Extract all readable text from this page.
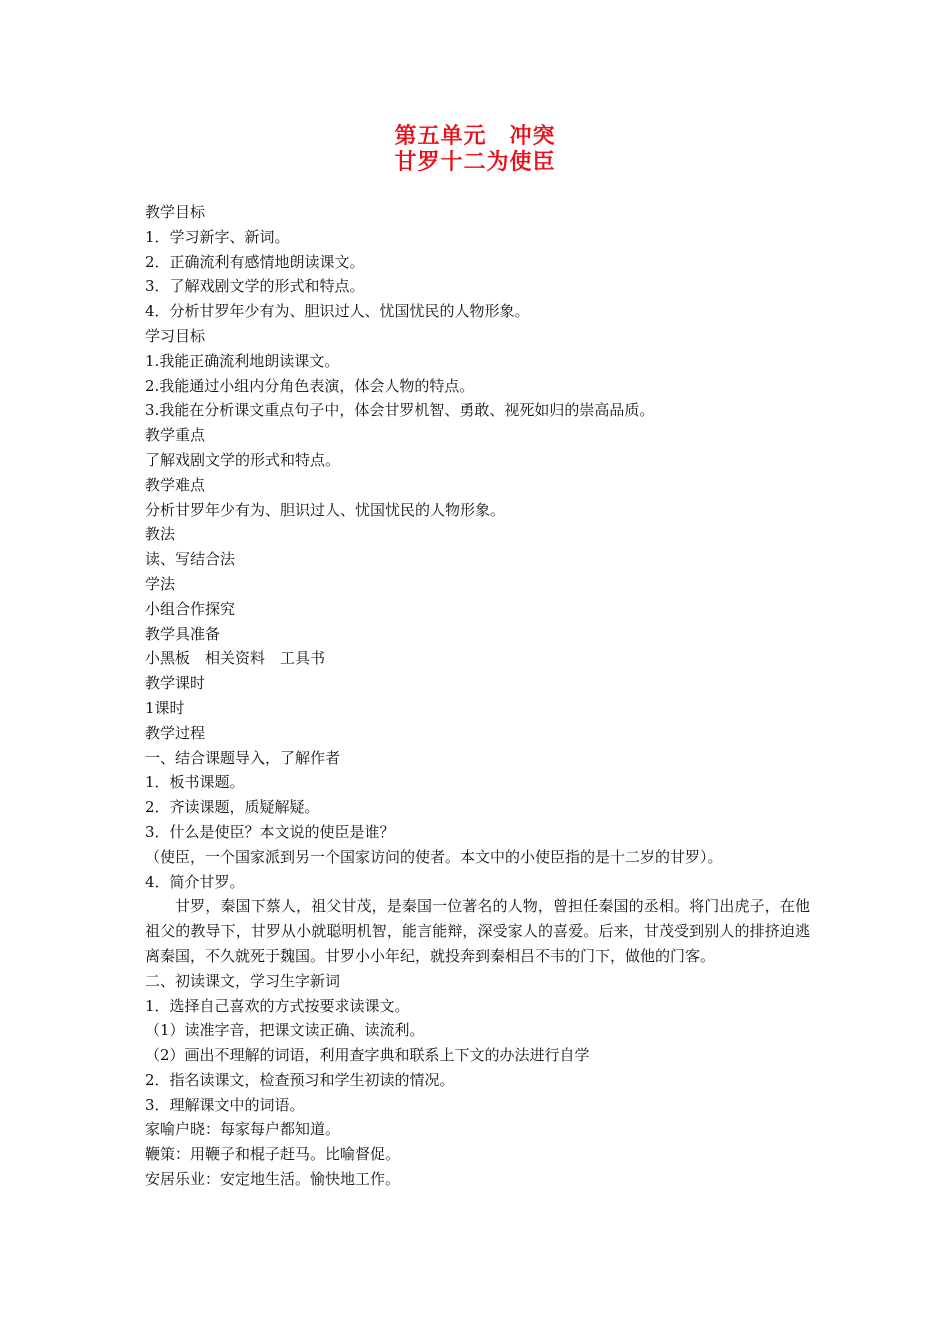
第五单元　冲突
甘罗十二为使臣

教学目标

1．学习新字、新词。

2．正确流利有感情地朗读课文。

3．了解戏剧文学的形式和特点。

4．分析甘罗年少有为、胆识过人、忧国忧民的人物形象。

学习目标

1.我能正确流利地朗读课文。

2.我能通过小组内分角色表演，体会人物的特点。

3.我能在分析课文重点句子中，体会甘罗机智、勇敢、视死如归的崇高品质。

教学重点

了解戏剧文学的形式和特点。

教学难点

分析甘罗年少有为、胆识过人、忧国忧民的人物形象。

教法

读、写结合法

学法

小组合作探究

教学具准备

小黑板　相关资料　工具书

教学课时

1课时

教学过程

一、结合课题导入，了解作者

1．板书课题。

2．齐读课题，质疑解疑。

3．什么是使臣？本文说的使臣是谁？

（使臣，一个国家派到另一个国家访问的使者。本文中的小使臣指的是十二岁的甘罗）。

4．简介甘罗。

甘罗，秦国下蔡人，祖父甘茂，是秦国一位著名的人物，曾担任秦国的丞相。将门出虎子，在他祖父的教导下，甘罗从小就聪明机智，能言能辩，深受家人的喜爱。后来，甘茂受到别人的排挤迫逃离秦国，不久就死于魏国。甘罗小小年纪，就投奔到秦相吕不韦的门下，做他的门客。

二、初读课文，学习生字新词

1．选择自己喜欢的方式按要求读课文。

（1）读准字音，把课文读正确、读流利。

（2）画出不理解的词语，利用查字典和联系上下文的办法进行自学

2．指名读课文，检查预习和学生初读的情况。

3．理解课文中的词语。

家喻户晓：每家每户都知道。

鞭策：用鞭子和棍子赶马。比喻督促。

安居乐业：安定地生活。愉快地工作。
